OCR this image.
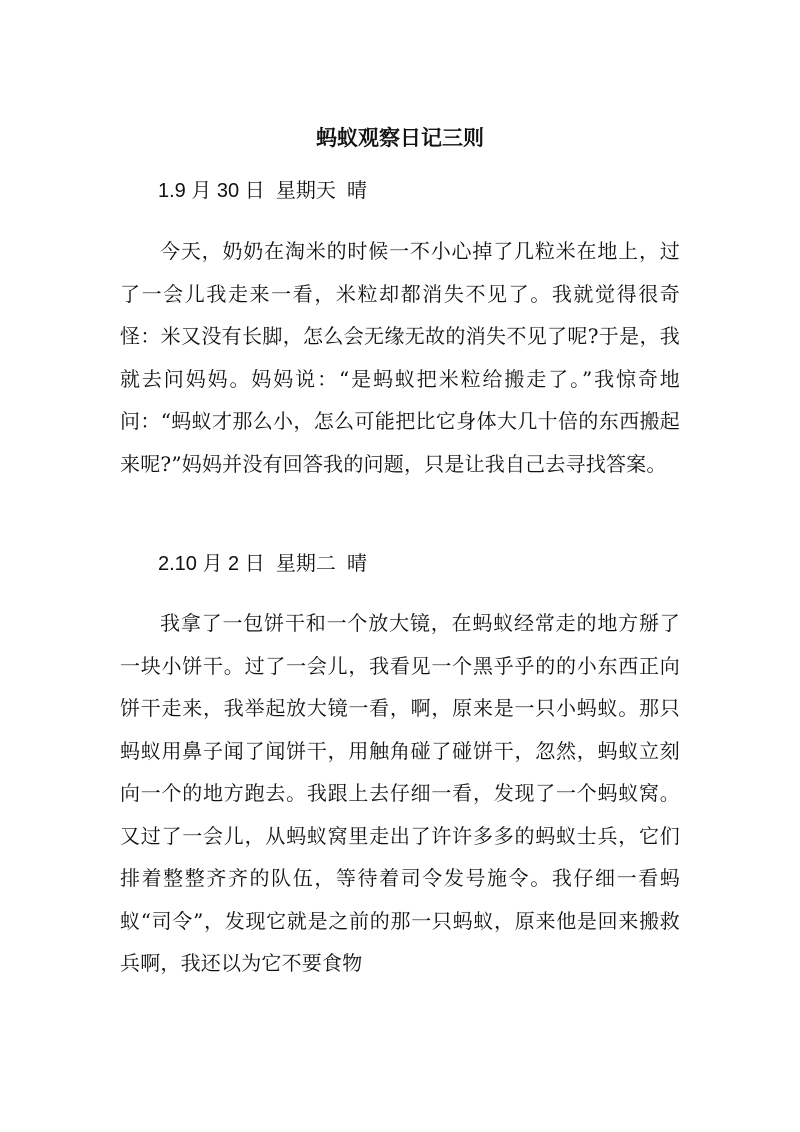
蚂蚁观察日记三则
1.9 月 30 日  星期天  晴

今天，奶奶在淘米的时候一不小心掉了几粒米在地上，过了一会儿我走来一看，米粒却都消失不见了。我就觉得很奇怪：米又没有长脚，怎么会无缘无故的消失不见了呢?于是，我就去问妈妈。妈妈说：“是蚂蚁把米粒给搬走了。”我惊奇地问：“蚂蚁才那么小，怎么可能把比它身体大几十倍的东西搬起来呢?”妈妈并没有回答我的问题，只是让我自己去寻找答案。

2.10 月 2 日  星期二  晴

我拿了一包饼干和一个放大镜，在蚂蚁经常走的地方掰了一块小饼干。过了一会儿，我看见一个黑乎乎的的小东西正向饼干走来，我举起放大镜一看，啊，原来是一只小蚂蚁。那只蚂蚁用鼻子闻了闻饼干，用触角碰了碰饼干，忽然，蚂蚁立刻向一个的地方跑去。我跟上去仔细一看，发现了一个蚂蚁窝。又过了一会儿，从蚂蚁窝里走出了许许多多的蚂蚁士兵，它们排着整整齐齐的队伍，等待着司令发号施令。我仔细一看蚂蚁“司令”，发现它就是之前的那一只蚂蚁，原来他是回来搬救兵啊，我还以为它不要食物
